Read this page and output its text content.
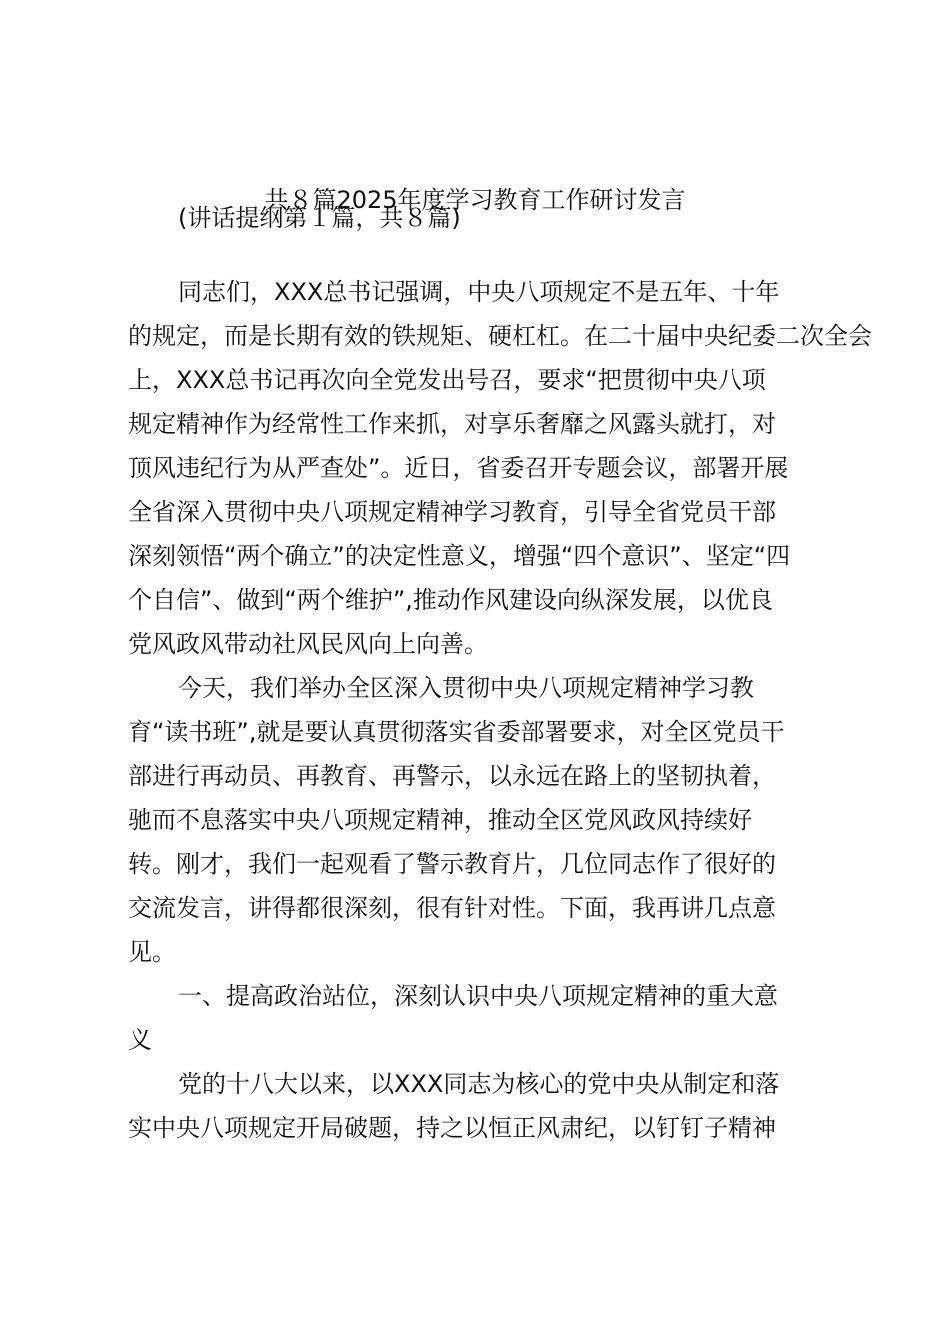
共８篇2025年度学习教育工作研讨发言

(讲话提纲第１篇，共８篇)

同志们，XXX总书记强调，中央八项规定不是五年、十年
的规定，而是长期有效的铁规矩、硬杠杠。在二十届中央纪委二次全会
上，XXX总书记再次向全党发出号召，要求“把贯彻中央八项
规定精神作为经常性工作来抓，对享乐奢靡之风露头就打，对
顶风违纪行为从严查处”。近日，省委召开专题会议，部署开展
全省深入贯彻中央八项规定精神学习教育，引导全省党员干部
深刻领悟“两个确立”的决定性意义，增强“四个意识”、坚定“四
个自信”、做到“两个维护”,推动作风建设向纵深发展，以优良
党风政风带动社风民风向上向善。

今天，我们举办全区深入贯彻中央八项规定精神学习教
育“读书班”,就是要认真贯彻落实省委部署要求，对全区党员干
部进行再动员、再教育、再警示，以永远在路上的坚韧执着，
驰而不息落实中央八项规定精神，推动全区党风政风持续好
转。刚才，我们一起观看了警示教育片，几位同志作了很好的
交流发言，讲得都很深刻，很有针对性。下面，我再讲几点意
见。

一、提高政治站位，深刻认识中央八项规定精神的重大意
义

党的十八大以来，以XXX同志为核心的党中央从制定和落
实中央八项规定开局破题，持之以恒正风肃纪，以钉钉子精神
